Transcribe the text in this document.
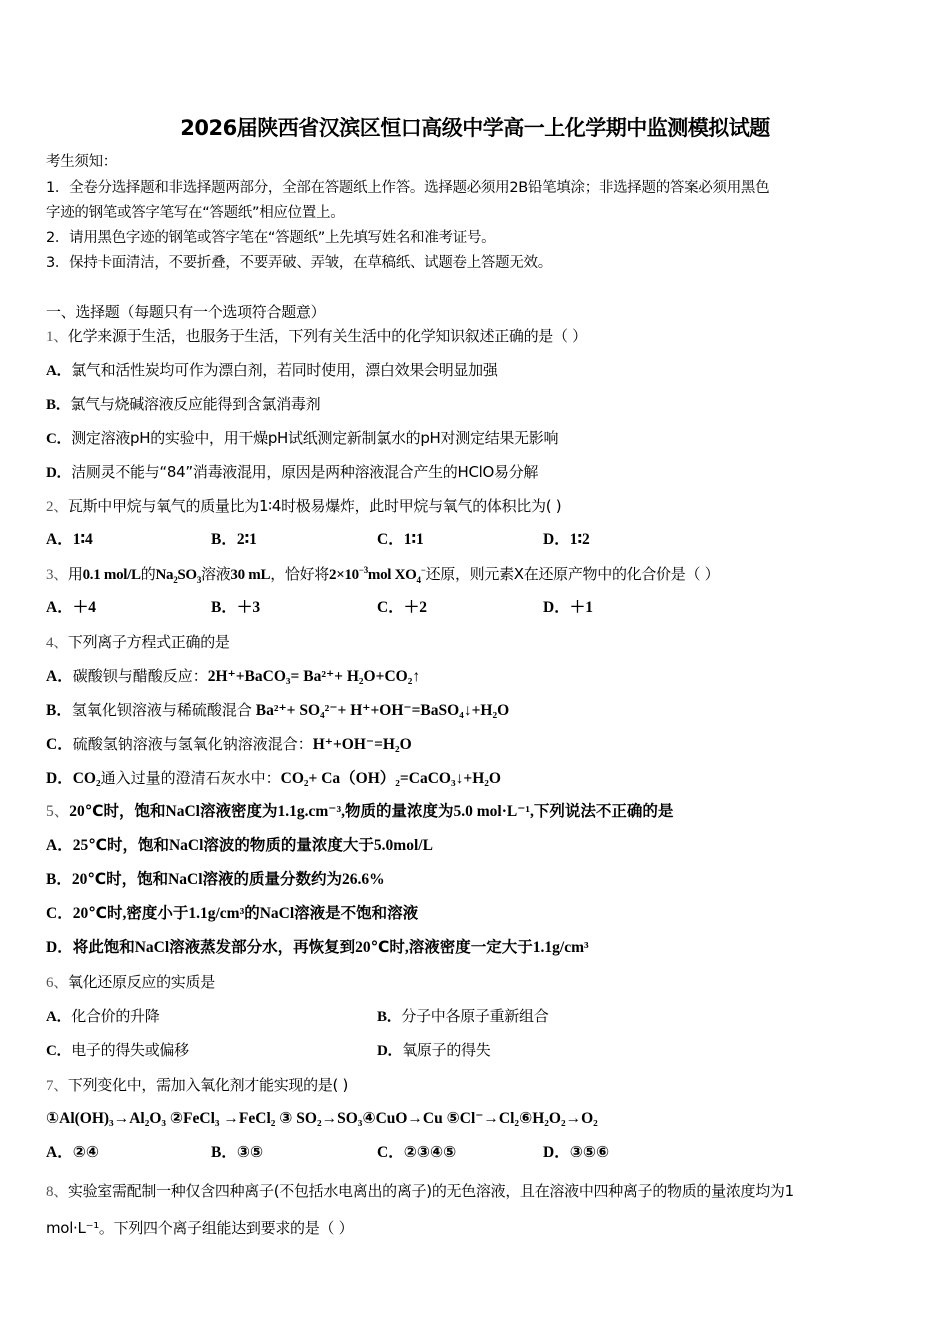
2026届陕西省汉滨区恒口高级中学高一上化学期中监测模拟试题
考生须知：
1．全卷分选择题和非选择题两部分，全部在答题纸上作答。选择题必须用2B铅笔填涂；非选择题的答案必须用黑色
字迹的钢笔或答字笔写在“答题纸”相应位置上。
2．请用黑色字迹的钢笔或答字笔在“答题纸”上先填写姓名和准考证号。
3．保持卡面清洁，不要折叠，不要弄破、弄皱，在草稿纸、试题卷上答题无效。
一、选择题（每题只有一个选项符合题意）
1、化学来源于生活，也服务于生活，下列有关生活中的化学知识叙述正确的是（ ）
A．氯气和活性炭均可作为漂白剂，若同时使用，漂白效果会明显加强
B．氯气与烧碱溶液反应能得到含氯消毒剂
C．测定溶液pH的实验中，用干燥pH试纸测定新制氯水的pH对测定结果无影响
D．洁厕灵不能与“84”消毒液混用，原因是两种溶液混合产生的HClO易分解
2、瓦斯中甲烷与氧气的质量比为1∶4时极易爆炸，此时甲烷与氧气的体积比为( )
A．1∶4	B．2∶1	C．1∶1	D．1∶2
3、用0.1 mol/L的$Na_2SO_3$溶液30 mL，恰好将$2\times 10^{-3}mol$ $XO_4^-$还原，则元素X在还原产物中的化合价是（ ）
A．＋4	B．＋3	C．＋2	D．＋1
4、下列离子方程式正确的是
A．碳酸钡与醋酸反应：2H⁺+BaCO₃= Ba²⁺+ H₂O+CO₂↑
B．氢氧化钡溶液与稀硫酸混合 Ba²⁺+ SO₄²⁻+ H⁺+OH⁻=BaSO₄↓+H₂O
C．硫酸氢钠溶液与氢氧化钠溶液混合：H⁺+OH⁻=H₂O
D．CO₂通入过量的澄清石灰水中：CO₂+ Ca（OH）₂=CaCO₃↓+H₂O
5、20℃时，饱和NaCl溶液密度为1.1g.cm⁻³,物质的量浓度为5.0 mol·L⁻¹,下列说法不正确的是
A．25℃时，饱和NaCl溶波的物质的量浓度大于5.0mol/L
B．20℃时，饱和NaCl溶液的质量分数约为26.6%
C．20℃时,密度小于1.1g/cm³的NaCl溶液是不饱和溶液
D．将此饱和NaCl溶液蒸发部分水，再恢复到20℃时,溶液密度一定大于1.1g/cm³
6、氧化还原反应的实质是
A．化合价的升降	B．分子中各原子重新组合
C．电子的得失或偏移	D．氧原子的得失
7、下列变化中，需加入氧化剂才能实现的是( )
①Al(OH)₃→Al₂O₃ ②FeCl₃ →FeCl₂ ③ SO₂→SO₃④CuO→Cu ⑤Cl⁻→Cl₂⑥H₂O₂→O₂
A．②④	B．③⑤	C．②③④⑤	D．③⑤⑥
8、实验室需配制一种仅含四种离子(不包括水电离出的离子)的无色溶液，且在溶液中四种离子的物质的量浓度均为1
mol·L⁻¹。下列四个离子组能达到要求的是（ ）
